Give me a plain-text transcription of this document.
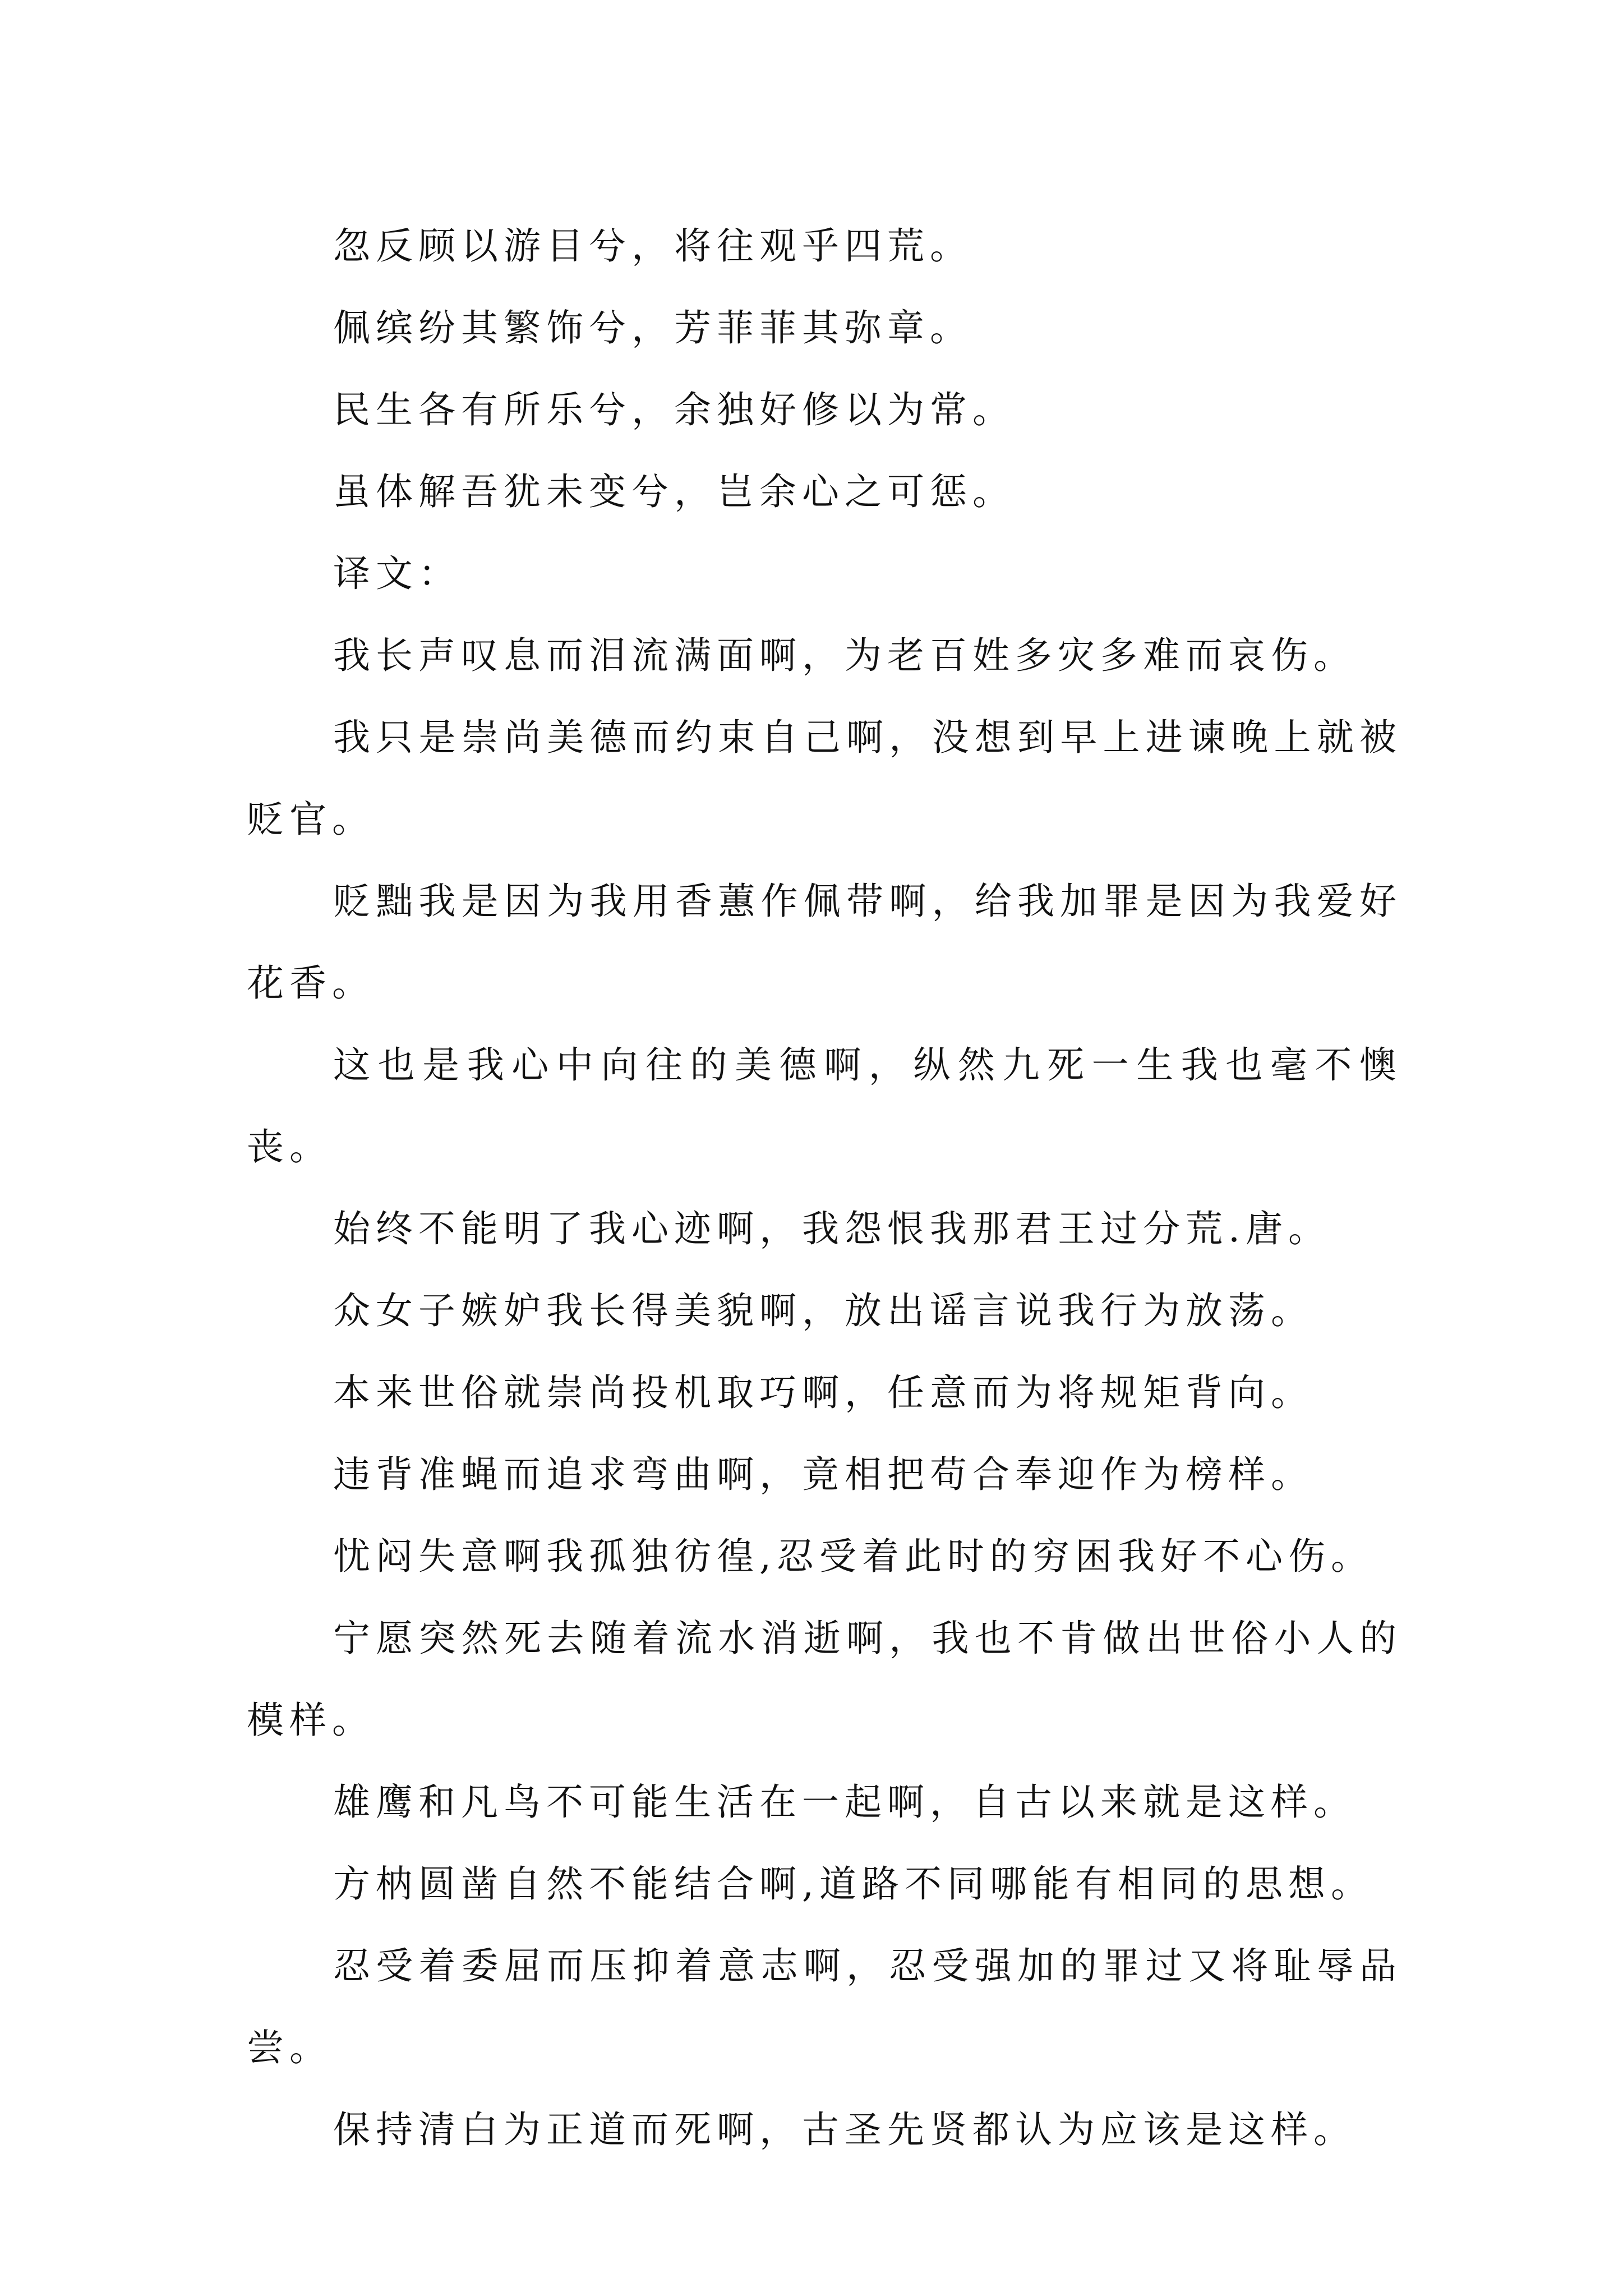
忽反顾以游目兮，将往观乎四荒。

佩缤纷其繁饰兮，芳菲菲其弥章。

民生各有所乐兮，余独好修以为常。

虽体解吾犹未变兮，岂余心之可惩。

译文：

我长声叹息而泪流满面啊，为老百姓多灾多难而哀伤。

我只是崇尚美德而约束自己啊，没想到早上进谏晚上就被贬官。

贬黜我是因为我用香蕙作佩带啊，给我加罪是因为我爱好花香。

这也是我心中向往的美德啊，纵然九死一生我也毫不懊丧。

始终不能明了我心迹啊，我怨恨我那君王过分荒.唐。

众女子嫉妒我长得美貌啊，放出谣言说我行为放荡。

本来世俗就崇尚投机取巧啊，任意而为将规矩背向。

违背准蝇而追求弯曲啊，竟相把苟合奉迎作为榜样。

忧闷失意啊我孤独彷徨,忍受着此时的穷困我好不心伤。

宁愿突然死去随着流水消逝啊，我也不肯做出世俗小人的模样。

雄鹰和凡鸟不可能生活在一起啊，自古以来就是这样。

方枘圆凿自然不能结合啊,道路不同哪能有相同的思想。

忍受着委屈而压抑着意志啊，忍受强加的罪过又将耻辱品尝。

保持清白为正道而死啊，古圣先贤都认为应该是这样。
